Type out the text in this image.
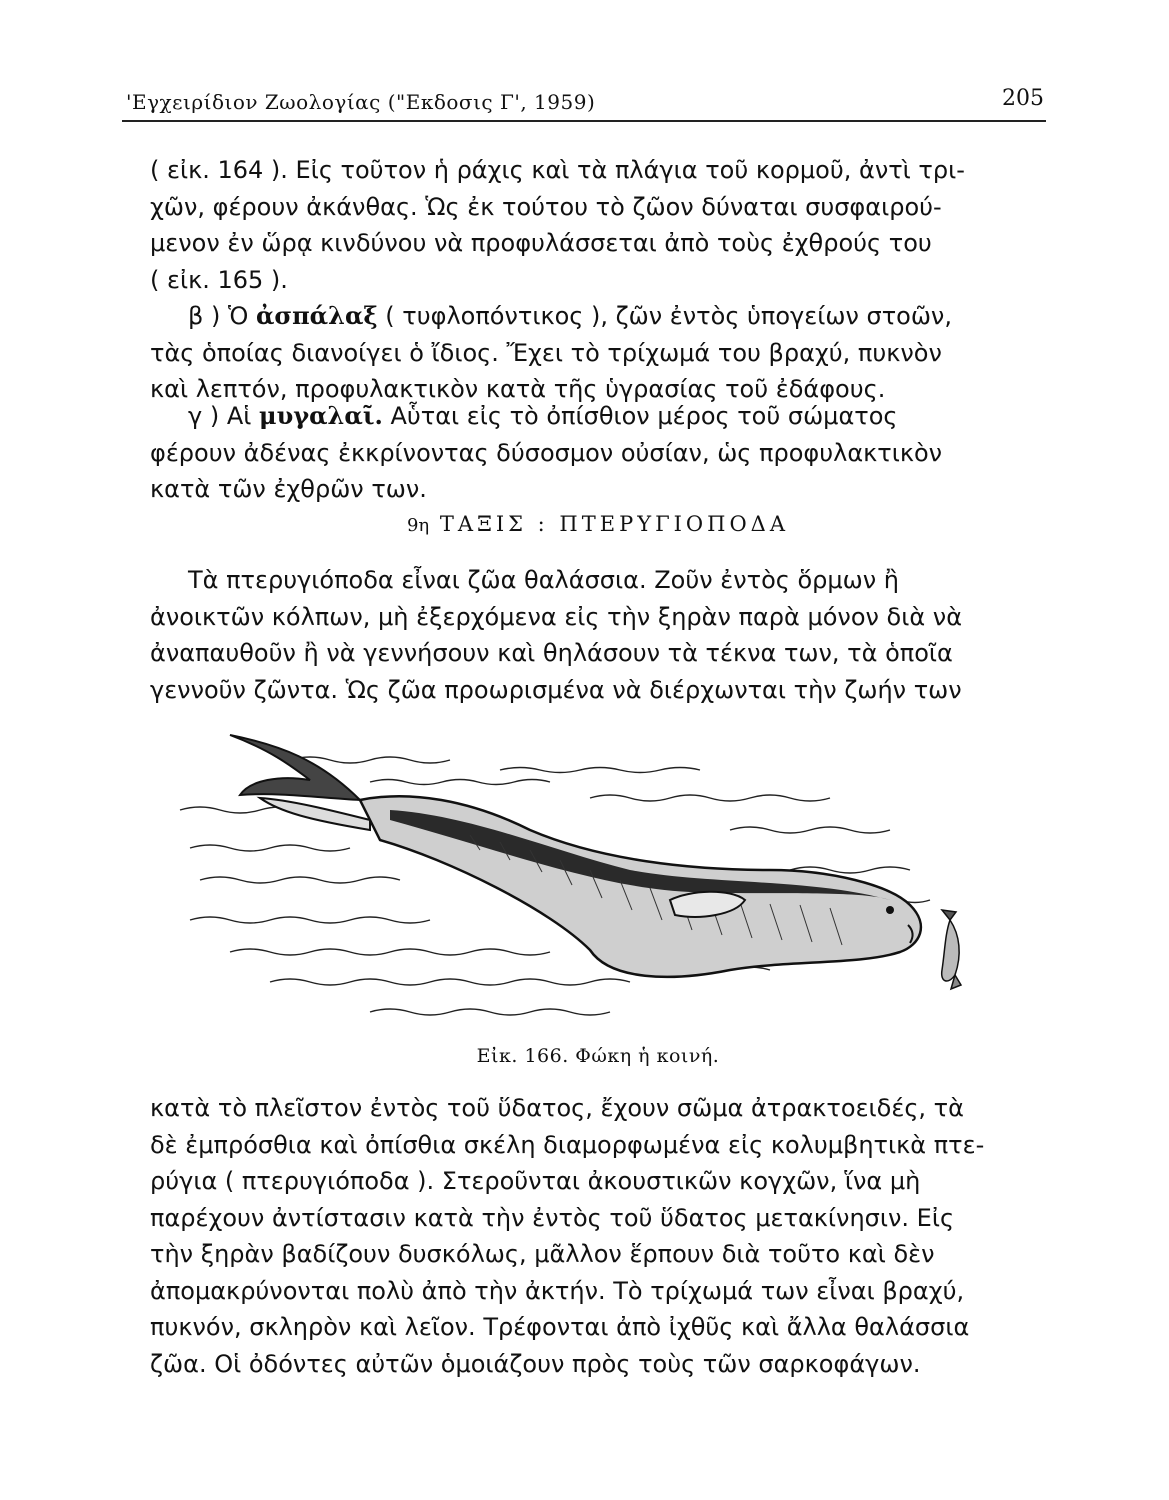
'Εγχειρίδιον Ζωολογίας ("Εκδοσις Γ', 1959)	205

( εἰκ. 164 ). Εἰς τοῦτον ἡ ράχις καὶ τὰ πλάγια τοῦ κορμοῦ, ἀντὶ τρι-
χῶν, φέρουν ἀκάνθας. Ὡς ἐκ τούτου τὸ ζῶον δύναται συσφαιρού-
μενον ἐν ὥρᾳ κινδύνου νὰ προφυλάσσεται ἀπὸ τοὺς ἐχθρούς του
( εἰκ. 165 ).

β ) Ὁ ἀσπάλαξ ( τυφλοπόντικος ), ζῶν ἐντὸς ὑπογείων στοῶν,
τὰς ὁποίας διανοίγει ὁ ἴδιος. Ἔχει τὸ τρίχωμά του βραχύ, πυκνὸν
καὶ λεπτόν, προφυλακτικὸν κατὰ τῆς ὑγρασίας τοῦ ἐδάφους.

γ ) Αἱ μυγαλαῖ. Αὗται εἰς τὸ ὀπίσθιον μέρος τοῦ σώματος
φέρουν ἀδένας ἐκκρίνοντας δύσοσμον οὐσίαν, ὡς προφυλακτικὸν
κατὰ τῶν ἐχθρῶν των.

9η ΤΑΞΙΣ : ΠΤΕΡΥΓΙΟΠΟΔΑ

Τὰ πτερυγιόποδα εἶναι ζῶα θαλάσσια. Ζοῦν ἐντὸς ὅρμων ἢ
ἀνοικτῶν κόλπων, μὴ ἐξερχόμενα εἰς τὴν ξηρὰν παρὰ μόνον διὰ νὰ
ἀναπαυθοῦν ἢ νὰ γεννήσουν καὶ θηλάσουν τὰ τέκνα των, τὰ ὁποῖα
γεννοῦν ζῶντα. Ὡς ζῶα προωρισμένα νὰ διέρχωνται τὴν ζωήν των

Εἰκ. 166. Φώκη ἡ κοινή.

κατὰ τὸ πλεῖστον ἐντὸς τοῦ ὕδατος, ἔχουν σῶμα ἀτρακτοειδές, τὰ
δὲ ἐμπρόσθια καὶ ὀπίσθια σκέλη διαμορφωμένα εἰς κολυμβητικὰ πτε-
ρύγια ( πτερυγιόποδα ). Στεροῦνται ἀκουστικῶν κογχῶν, ἵνα μὴ
παρέχουν ἀντίστασιν κατὰ τὴν ἐντὸς τοῦ ὕδατος μετακίνησιν. Εἰς
τὴν ξηρὰν βαδίζουν δυσκόλως, μᾶλλον ἕρπουν διὰ τοῦτο καὶ δὲν
ἀπομακρύνονται πολὺ ἀπὸ τὴν ἀκτήν. Τὸ τρίχωμά των εἶναι βραχύ,
πυκνόν, σκληρὸν καὶ λεῖον. Τρέφονται ἀπὸ ἰχθῦς καὶ ἄλλα θαλάσσια
ζῶα. Οἱ ὀδόντες αὐτῶν ὁμοιάζουν πρὸς τοὺς τῶν σαρκοφάγων.
